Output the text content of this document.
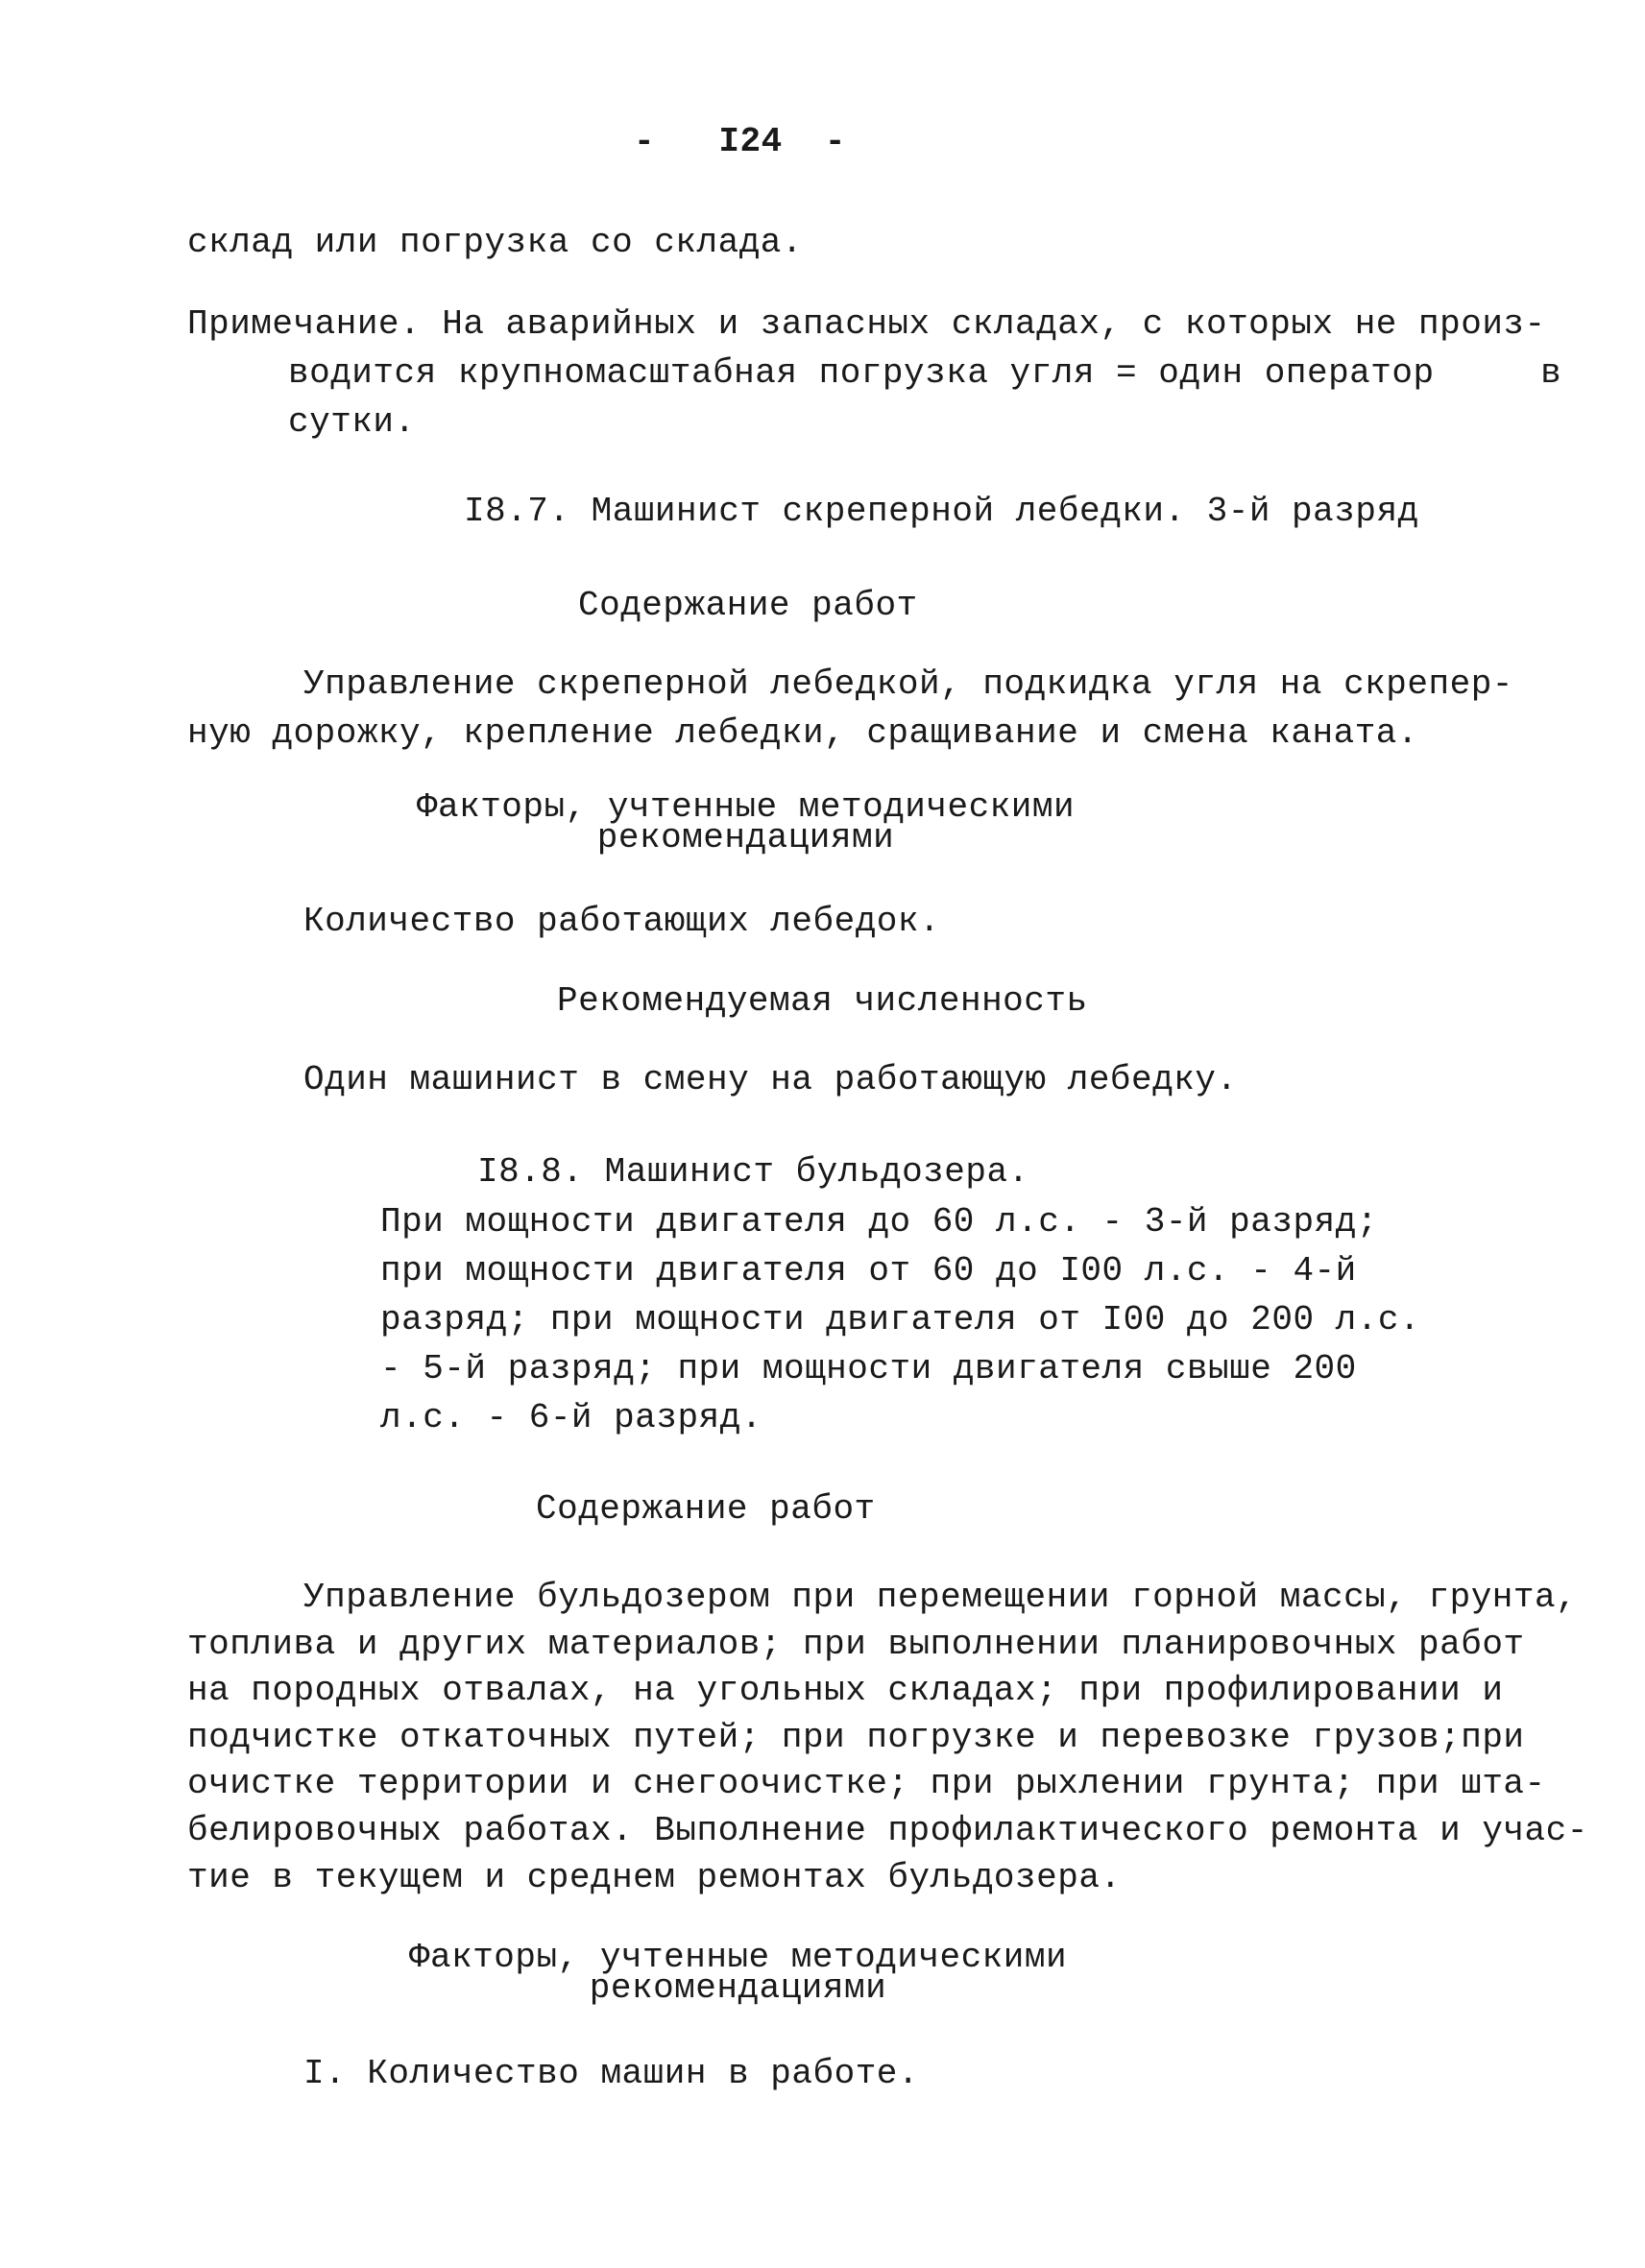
-   I24  -
склад или погрузка со склада.
Примечание. На аварийных и запасных складах, с которых не произ-
водится крупномасштабная погрузка угля = один оператор     в
сутки.
I8.7. Машинист скреперной лебедки. 3-й разряд
Содержание работ
Управление скреперной лебедкой, подкидка угля на скрепер-
ную дорожку, крепление лебедки, сращивание и смена каната.
Факторы, учтенные методическими
рекомендациями
Количество работающих лебедок.
Рекомендуемая численность
Один машинист в смену на работающую лебедку.
I8.8. Машинист бульдозера.
При мощности двигателя до 60 л.с. - 3-й разряд;
при мощности двигателя от 60 до I00 л.с. - 4-й
разряд; при мощности двигателя от I00 до 200 л.с.
- 5-й разряд; при мощности двигателя свыше 200
л.с. - 6-й разряд.
Содержание работ
Управление бульдозером при перемещении горной массы, грунта,
топлива и других материалов; при выполнении планировочных работ
на породных отвалах, на угольных складах; при профилировании и
подчистке откаточных путей; при погрузке и перевозке грузов;при
очистке территории и снегоочистке; при рыхлении грунта; при шта-
белировочных работах. Выполнение профилактического ремонта и учас-
тие в текущем и среднем ремонтах бульдозера.
Факторы, учтенные методическими
рекомендациями
I. Количество машин в работе.
